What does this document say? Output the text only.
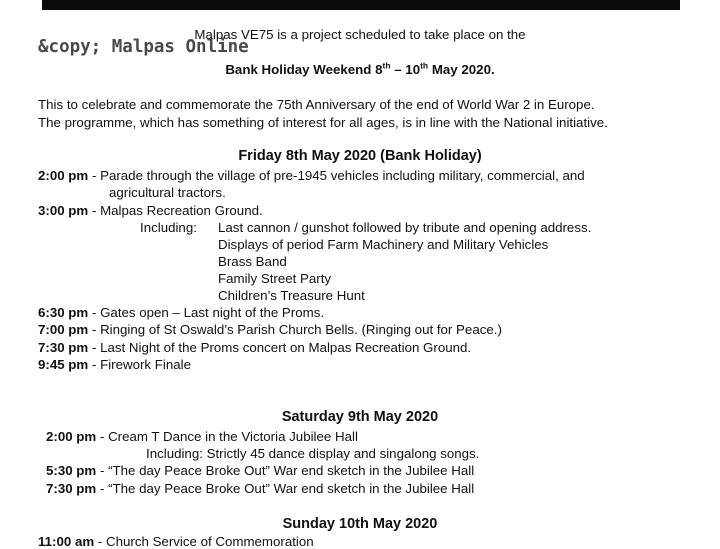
Malpas VE75 is a project scheduled to take place on the
&copy; Malpas Online
Bank Holiday Weekend 8th – 10th May 2020.
This to celebrate and commemorate the 75th Anniversary of the end of World War 2 in Europe.
The programme, which has something of interest for all ages, is in line with the National initiative.
Friday 8th May 2020 (Bank Holiday)
2:00 pm - Parade through the village of pre-1945 vehicles including military, commercial, and
agricultural tractors.
3:00 pm - Malpas Recreation Ground.
Including: Last cannon / gunshot followed by tribute and opening address.
Displays of period Farm Machinery and Military Vehicles
Brass Band
Family Street Party
Children’s Treasure Hunt
6:30 pm - Gates open – Last night of the Proms.
7:00 pm - Ringing of St Oswald’s Parish Church Bells. (Ringing out for Peace.)
7:30 pm - Last Night of the Proms concert on Malpas Recreation Ground.
9:45 pm - Firework Finale
Saturday 9th May 2020
2:00 pm - Cream T Dance in the Victoria Jubilee Hall
Including: Strictly 45 dance display and singalong songs.
5:30 pm - “The day Peace Broke Out” War end sketch in the Jubilee Hall
7:30 pm - “The day Peace Broke Out” War end sketch in the Jubilee Hall
Sunday 10th May 2020
11:00 am - Church Service of Commemoration
